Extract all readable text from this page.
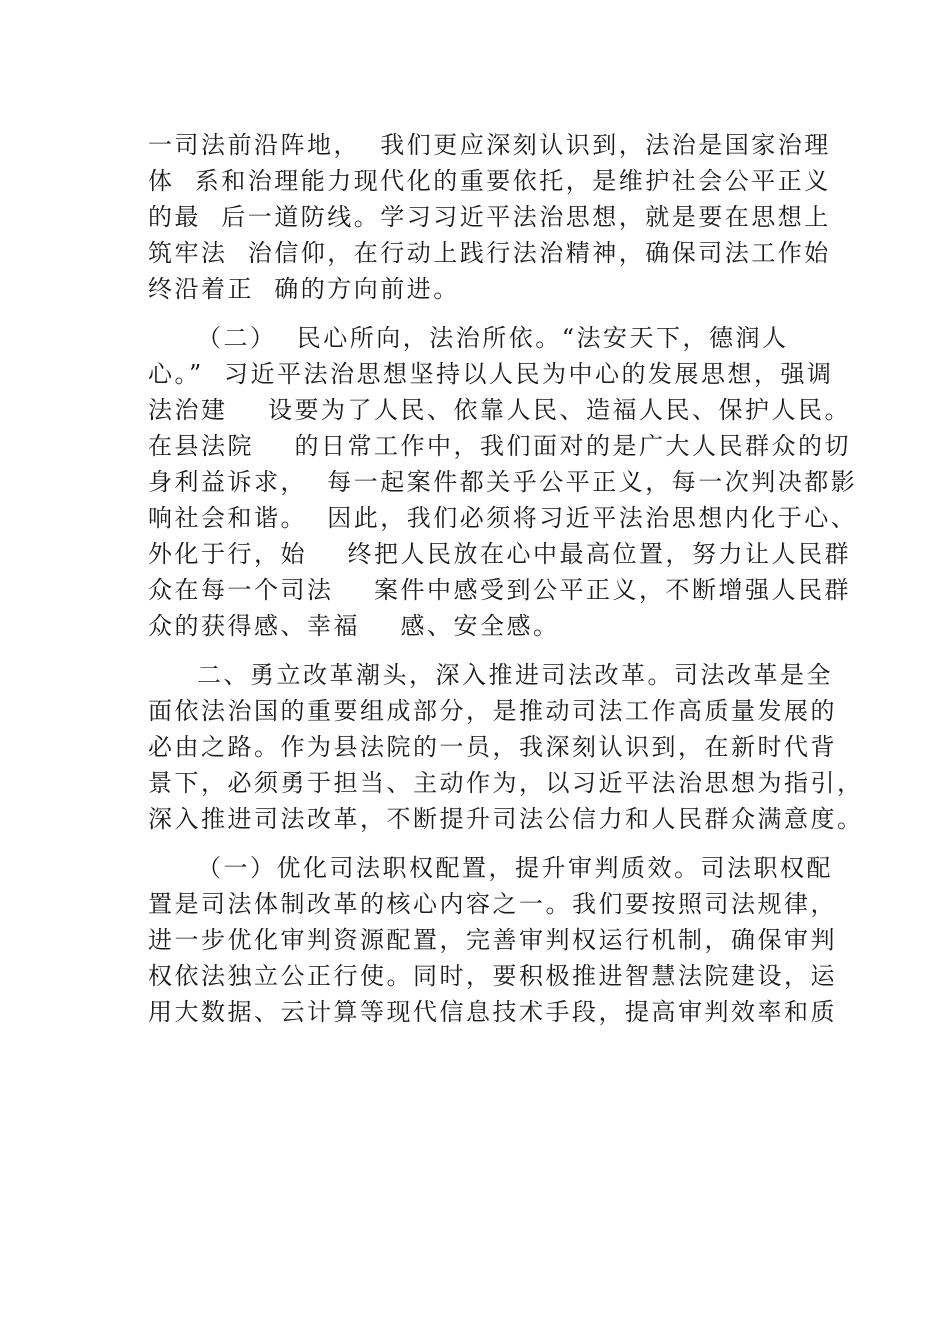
一司法前沿阵地，  我们更应深刻认识到，法治是国家治理
体  系和治理能力现代化的重要依托，是维护社会公平正义
的最  后一道防线。学习习近平法治思想，就是要在思想上
筑牢法  治信仰，在行动上践行法治精神，确保司法工作始
终沿着正  确的方向前进。
（二）  民心所向，法治所依。“法安天下，德润人
心。”  习近平法治思想坚持以人民为中心的发展思想，强调
法治建    设要为了人民、依靠人民、造福人民、保护人民。
在县法院    的日常工作中，我们面对的是广大人民群众的切
身利益诉求，  每一起案件都关乎公平正义，每一次判决都影
响社会和谐。  因此，我们必须将习近平法治思想内化于心、
外化于行，始    终把人民放在心中最高位置，努力让人民群
众在每一个司法    案件中感受到公平正义，不断增强人民群
众的获得感、幸福    感、安全感。
二、勇立改革潮头，深入推进司法改革。司法改革是全
面依法治国的重要组成部分，是推动司法工作高质量发展的
必由之路。作为县法院的一员，我深刻认识到，在新时代背
景下，必须勇于担当、主动作为，以习近平法治思想为指引，
深入推进司法改革，不断提升司法公信力和人民群众满意度。
（一）优化司法职权配置，提升审判质效。司法职权配
置是司法体制改革的核心内容之一。我们要按照司法规律，
进一步优化审判资源配置，完善审判权运行机制，确保审判
权依法独立公正行使。同时，要积极推进智慧法院建设，运
用大数据、云计算等现代信息技术手段，提高审判效率和质
